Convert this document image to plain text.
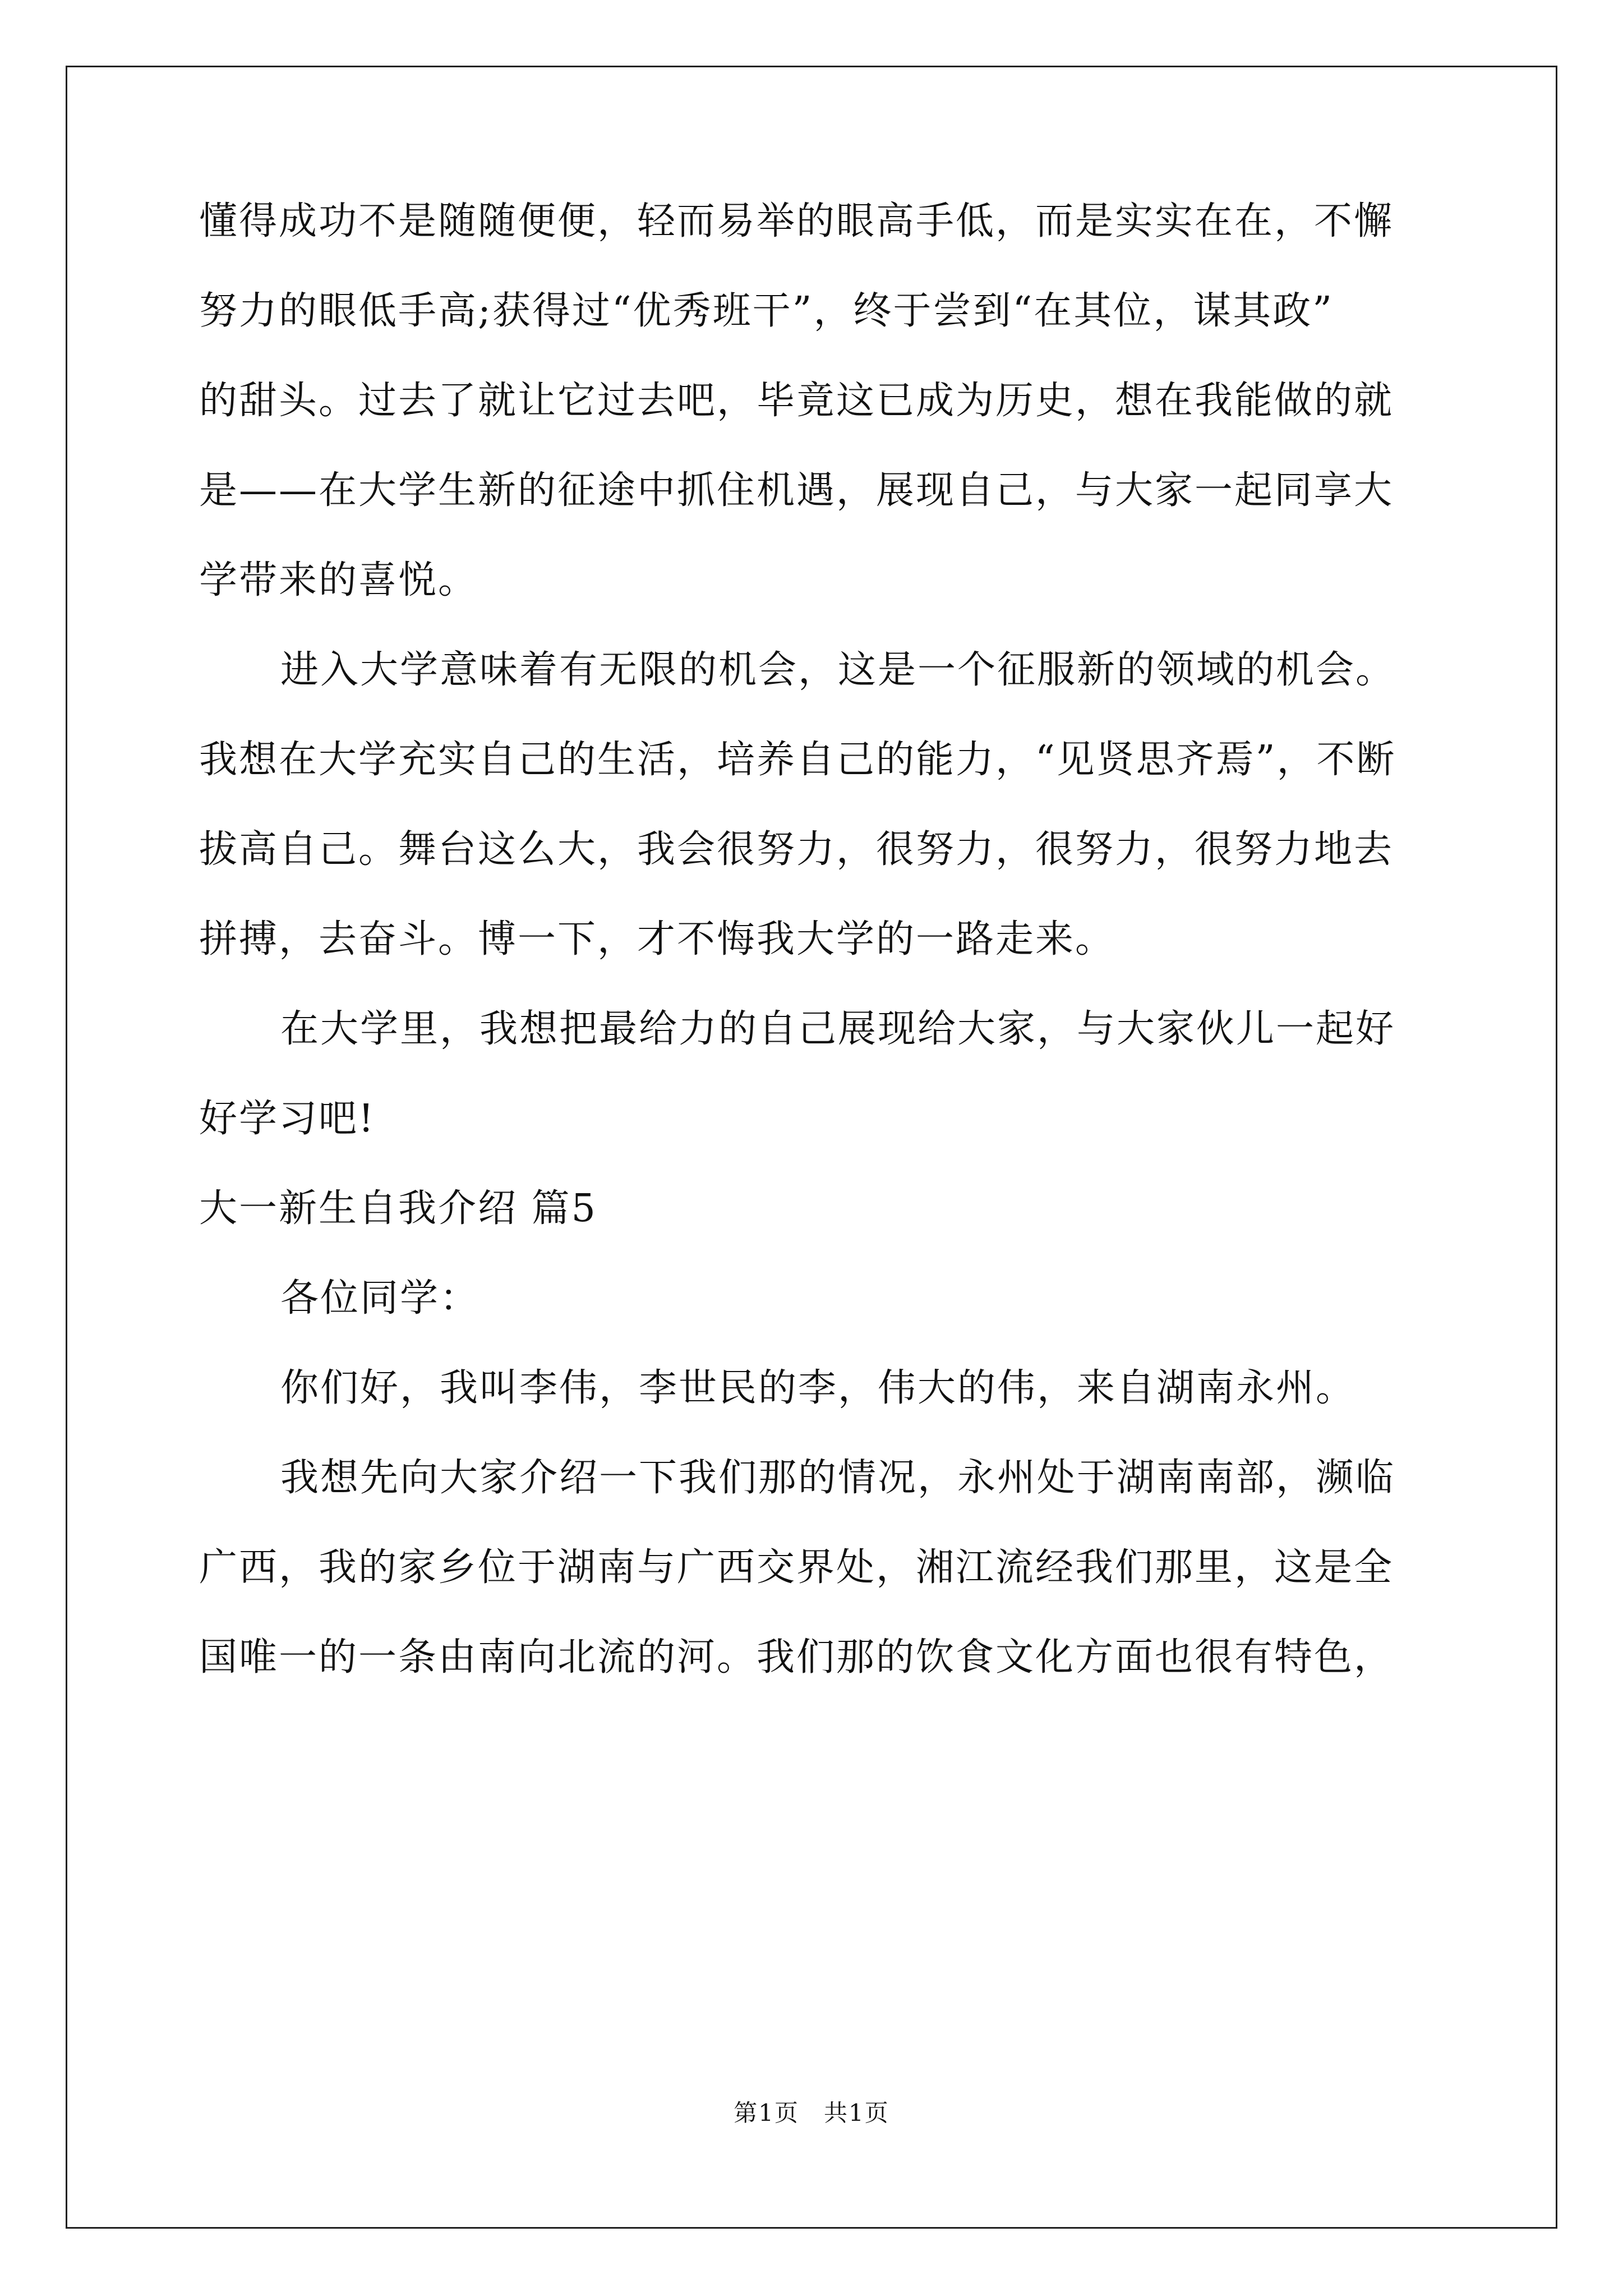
懂得成功不是随随便便，轻而易举的眼高手低，而是实实在在，不懈
努力的眼低手高;获得过“优秀班干”，终于尝到“在其位，谋其政”
的甜头。过去了就让它过去吧，毕竟这已成为历史，想在我能做的就
是——在大学生新的征途中抓住机遇，展现自己，与大家一起同享大
学带来的喜悦。
进入大学意味着有无限的机会，这是一个征服新的领域的机会。
我想在大学充实自己的生活，培养自己的能力，“见贤思齐焉”，不断
拔高自己。舞台这么大，我会很努力，很努力，很努力，很努力地去
拼搏，去奋斗。博一下，才不悔我大学的一路走来。
在大学里，我想把最给力的自己展现给大家，与大家伙儿一起好
好学习吧!
大一新生自我介绍 篇5
各位同学：
你们好，我叫李伟，李世民的李，伟大的伟，来自湖南永州。
我想先向大家介绍一下我们那的情况，永州处于湖南南部，濒临
广西，我的家乡位于湖南与广西交界处，湘江流经我们那里，这是全
国唯一的一条由南向北流的河。我们那的饮食文化方面也很有特色，
第1页　共1页
